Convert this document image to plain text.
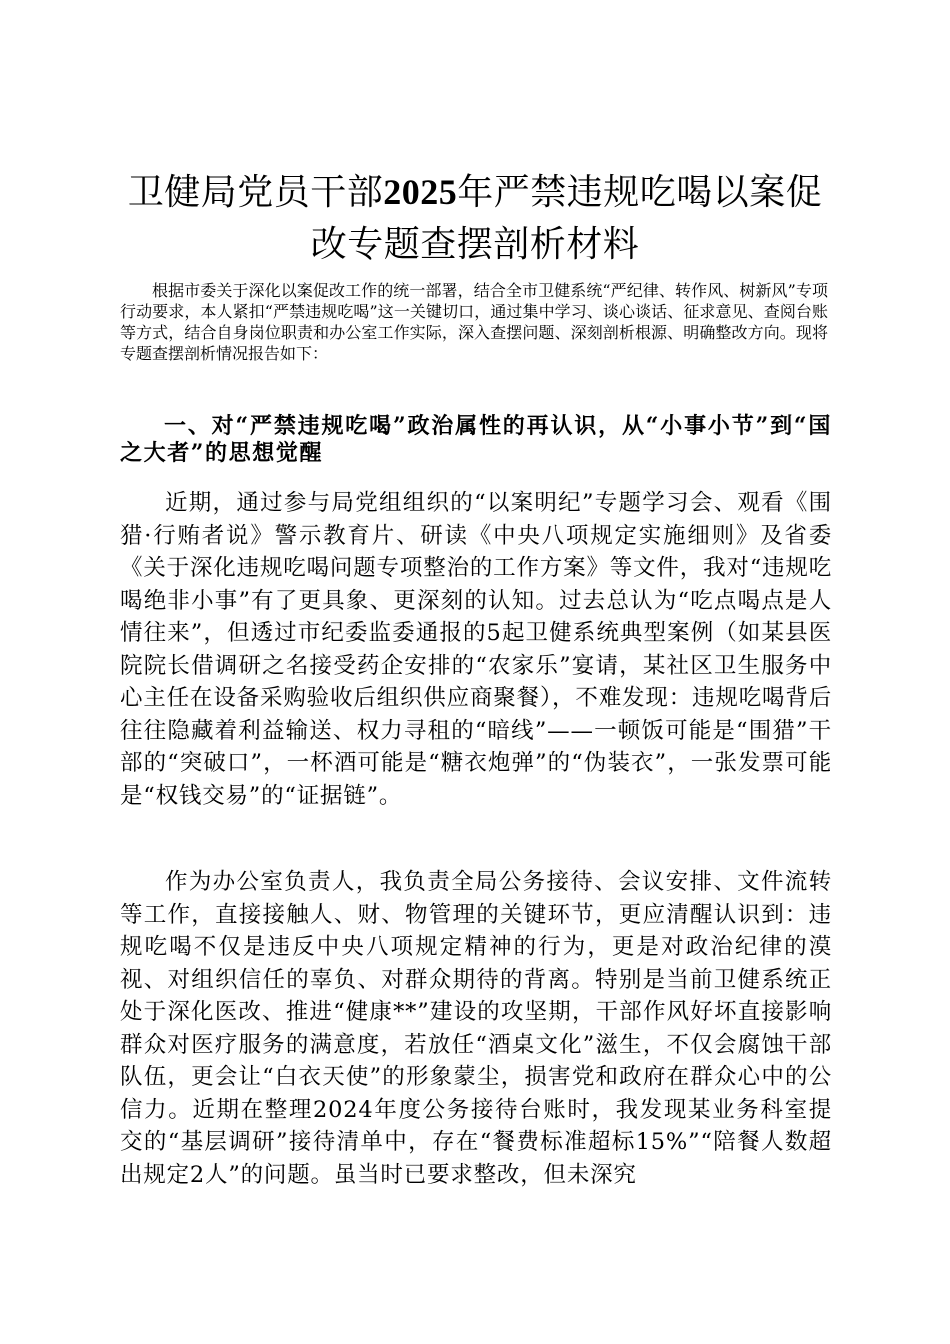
卫健局党员干部2025年严禁违规吃喝以案促改专题查摆剖析材料
根据市委关于深化以案促改工作的统一部署，结合全市卫健系统“严纪律、转作风、树新风”专项行动要求，本人紧扣“严禁违规吃喝”这一关键切口，通过集中学习、谈心谈话、征求意见、查阅台账等方式，结合自身岗位职责和办公室工作实际，深入查摆问题、深刻剖析根源、明确整改方向。现将专题查摆剖析情况报告如下：
一、对“严禁违规吃喝”政治属性的再认识，从“小事小节”到“国之大者”的思想觉醒
近期，通过参与局党组组织的“以案明纪”专题学习会、观看《围猎·行贿者说》警示教育片、研读《中央八项规定实施细则》及省委《关于深化违规吃喝问题专项整治的工作方案》等文件，我对“违规吃喝绝非小事”有了更具象、更深刻的认知。过去总认为“吃点喝点是人情往来”，但透过市纪委监委通报的5起卫健系统典型案例（如某县医院院长借调研之名接受药企安排的“农家乐”宴请，某社区卫生服务中心主任在设备采购验收后组织供应商聚餐），不难发现：违规吃喝背后往往隐藏着利益输送、权力寻租的“暗线”——一顿饭可能是“围猎”干部的“突破口”，一杯酒可能是“糖衣炮弹”的“伪装衣”，一张发票可能是“权钱交易”的“证据链”。
作为办公室负责人，我负责全局公务接待、会议安排、文件流转等工作，直接接触人、财、物管理的关键环节，更应清醒认识到：违规吃喝不仅是违反中央八项规定精神的行为，更是对政治纪律的漠视、对组织信任的辜负、对群众期待的背离。特别是当前卫健系统正处于深化医改、推进“健康**”建设的攻坚期，干部作风好坏直接影响群众对医疗服务的满意度，若放任“酒桌文化”滋生，不仅会腐蚀干部队伍，更会让“白衣天使”的形象蒙尘，损害党和政府在群众心中的公信力。近期在整理2024年度公务接待台账时，我发现某业务科室提交的“基层调研”接待清单中，存在“餐费标准超标15%”“陪餐人数超出规定2人”的问题。虽当时已要求整改，但未深究
